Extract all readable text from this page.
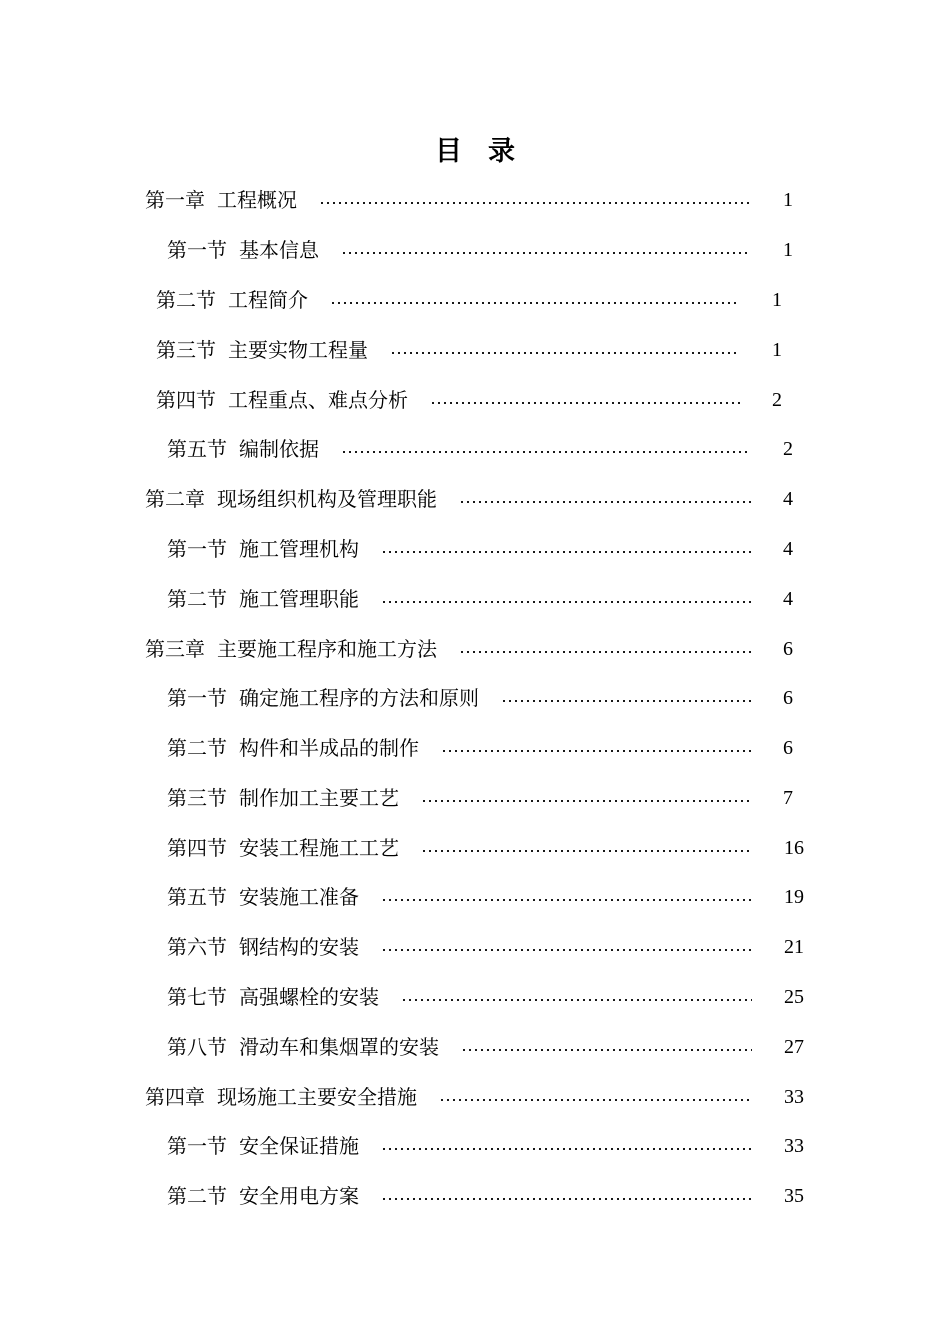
目 录
第一章 工程概况	1
第一节 基本信息	1
第二节 工程简介	1
第三节 主要实物工程量	1
第四节 工程重点、难点分析	2
第五节 编制依据	2
第二章 现场组织机构及管理职能	4
第一节 施工管理机构	4
第二节 施工管理职能	4
第三章 主要施工程序和施工方法	6
第一节 确定施工程序的方法和原则	6
第二节 构件和半成品的制作	6
第三节 制作加工主要工艺	7
第四节 安装工程施工工艺	16
第五节 安装施工准备	19
第六节 钢结构的安装	21
第七节 高强螺栓的安装	25
第八节 滑动车和集烟罩的安装	27
第四章 现场施工主要安全措施	33
第一节 安全保证措施	33
第二节 安全用电方案	35
